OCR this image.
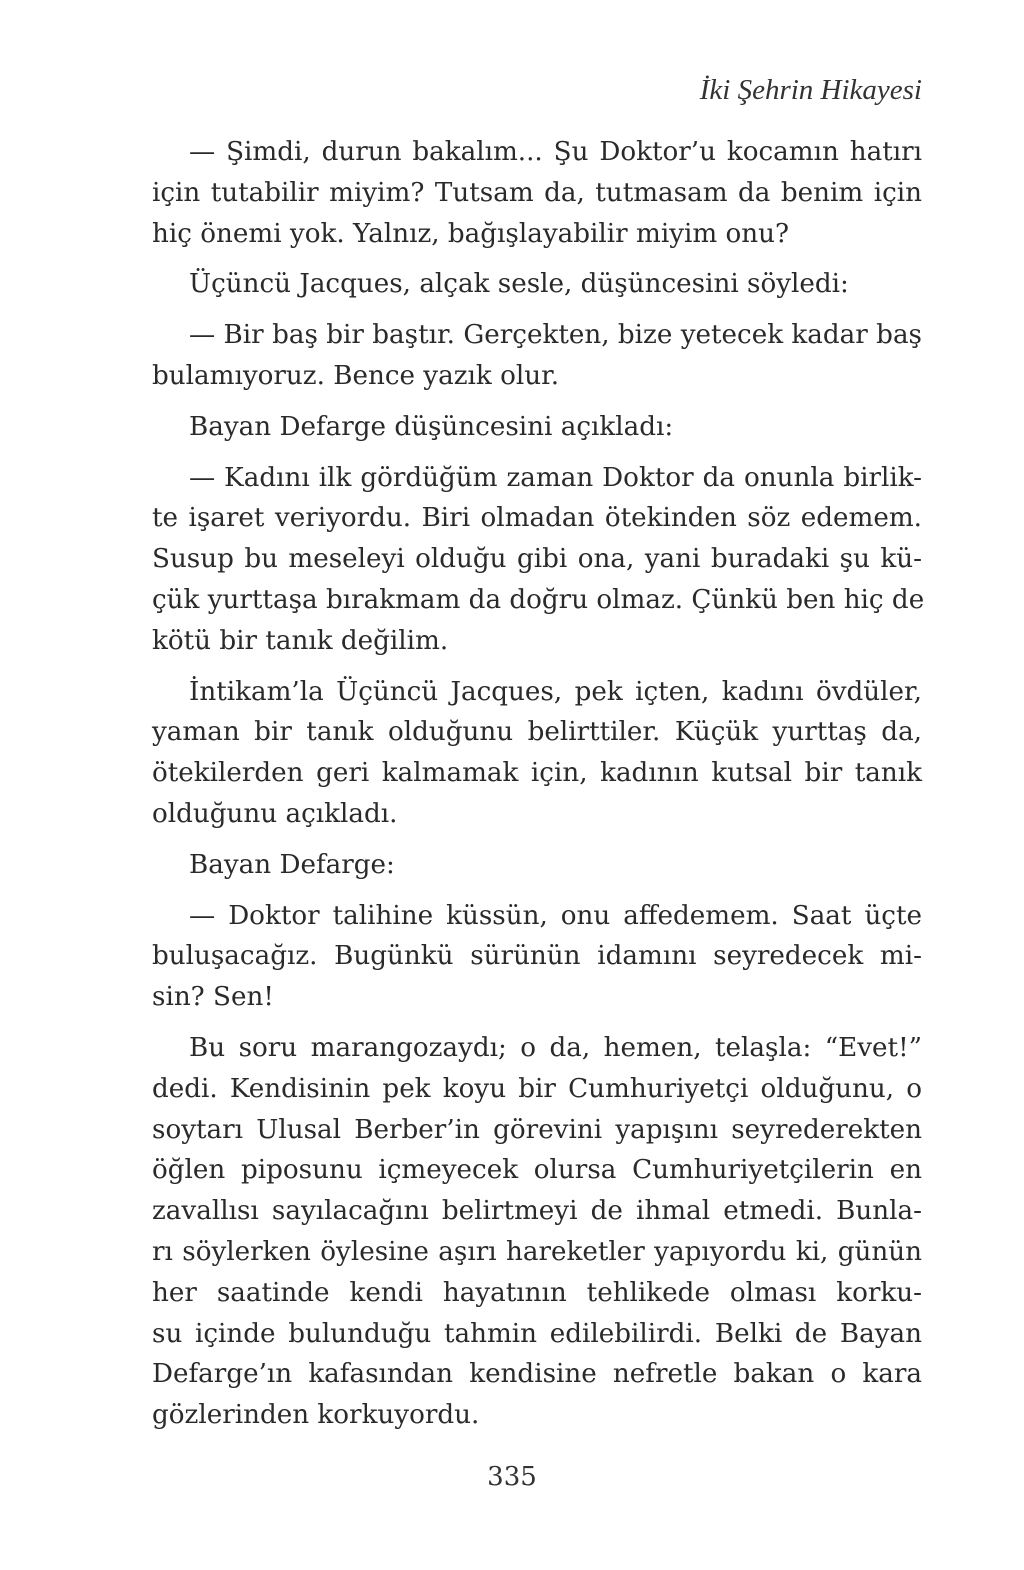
İki Şehrin Hikayesi
— Şimdi, durun bakalım... Şu Doktor’u kocamın hatırı
için tutabilir miyim? Tutsam da, tutmasam da benim için
hiç önemi yok. Yalnız, bağışlayabilir miyim onu?
Üçüncü Jacques, alçak sesle, düşüncesini söyledi:
— Bir baş bir baştır. Gerçekten, bize yetecek kadar baş
bulamıyoruz. Bence yazık olur.
Bayan Defarge düşüncesini açıkladı:
— Kadını ilk gördüğüm zaman Doktor da onunla birlik-
te işaret veriyordu. Biri olmadan ötekinden söz edemem.
Susup bu meseleyi olduğu gibi ona, yani buradaki şu kü-
çük yurttaşa bırakmam da doğru olmaz. Çünkü ben hiç de
kötü bir tanık değilim.
İntikam’la Üçüncü Jacques, pek içten, kadını övdüler,
yaman bir tanık olduğunu belirttiler. Küçük yurttaş da,
ötekilerden geri kalmamak için, kadının kutsal bir tanık
olduğunu açıkladı.
Bayan Defarge:
— Doktor talihine küssün, onu affedemem. Saat üçte
buluşacağız. Bugünkü sürünün idamını seyredecek mi-
sin? Sen!
Bu soru marangozaydı; o da, hemen, telaşla: “Evet!”
dedi. Kendisinin pek koyu bir Cumhuriyetçi olduğunu, o
soytarı Ulusal Berber’in görevini yapışını seyrederekten
öğlen piposunu içmeyecek olursa Cumhuriyetçilerin en
zavallısı sayılacağını belirtmeyi de ihmal etmedi. Bunla-
rı söylerken öylesine aşırı hareketler yapıyordu ki, günün
her saatinde kendi hayatının tehlikede olması korku-
su içinde bulunduğu tahmin edilebilirdi. Belki de Bayan
Defarge’ın kafasından kendisine nefretle bakan o kara
gözlerinden korkuyordu.
335
